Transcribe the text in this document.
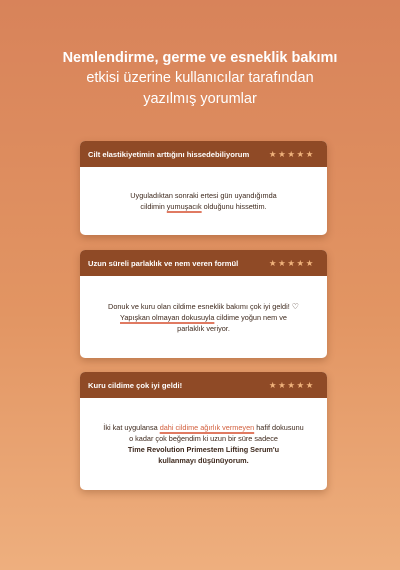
Nemlendirme, germe ve esneklik bakımı
etkisi üzerine kullanıcılar tarafından
yazılmış yorumlar
Cilt elastikiyetimin arttığını hissedebiliyorum ★★★★★
Uyguladıktan sonraki ertesi gün uyandığımda
cildimin yumuşacık olduğunu hissettim.
Uzun süreli parlaklık ve nem veren formül	★★★★★
Donuk ve kuru olan cildime esneklik bakımı çok iyi geldi! ♡
Yapışkan olmayan dokusuyla cildime yoğun nem ve
parlaklık veriyor.
Kuru cildime çok iyi geldi!	★★★★★
İki kat uygulansa dahi cildime ağırlık vermeyen hafif dokusunu
o kadar çok beğendim ki uzun bir süre sadece
Time Revolution Primestem Lifting Serum'u
kullanmayı düşünüyorum.
